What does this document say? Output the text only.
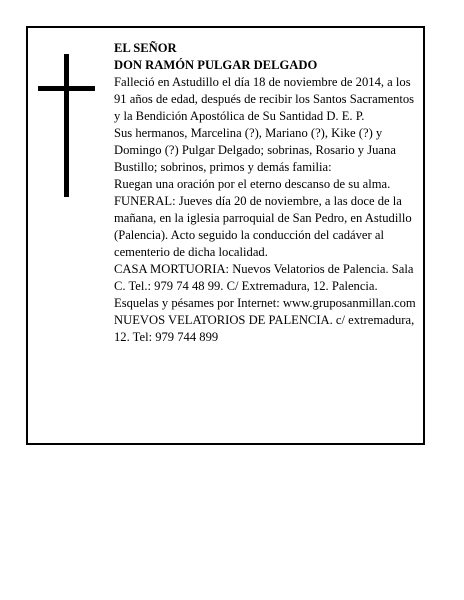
EL SEÑOR
DON RAMÓN PULGAR DELGADO
Falleció en Astudillo el día 18 de noviembre de 2014, a los 91 años de edad, después de recibir los Santos Sacramentos y la Bendición Apostólica de Su Santidad D. E. P.
Sus hermanos, Marcelina (?), Mariano (?), Kike (?) y Domingo (?) Pulgar Delgado; sobrinas, Rosario y Juana Bustillo; sobrinos, primos y demás familia:
Ruegan una oración por el eterno descanso de su alma.
FUNERAL: Jueves día 20 de noviembre, a las doce de la mañana, en la iglesia parroquial de San Pedro, en Astudillo (Palencia). Acto seguido la conducción del cadáver al cementerio de dicha localidad.
CASA MORTUORIA: Nuevos Velatorios de Palencia. Sala C. Tel.: 979 74 48 99. C/ Extremadura, 12. Palencia.
Esquelas y pésames por Internet: www.gruposanmillan.com
NUEVOS VELATORIOS DE PALENCIA. c/ extremadura, 12. Tel: 979 744 899
